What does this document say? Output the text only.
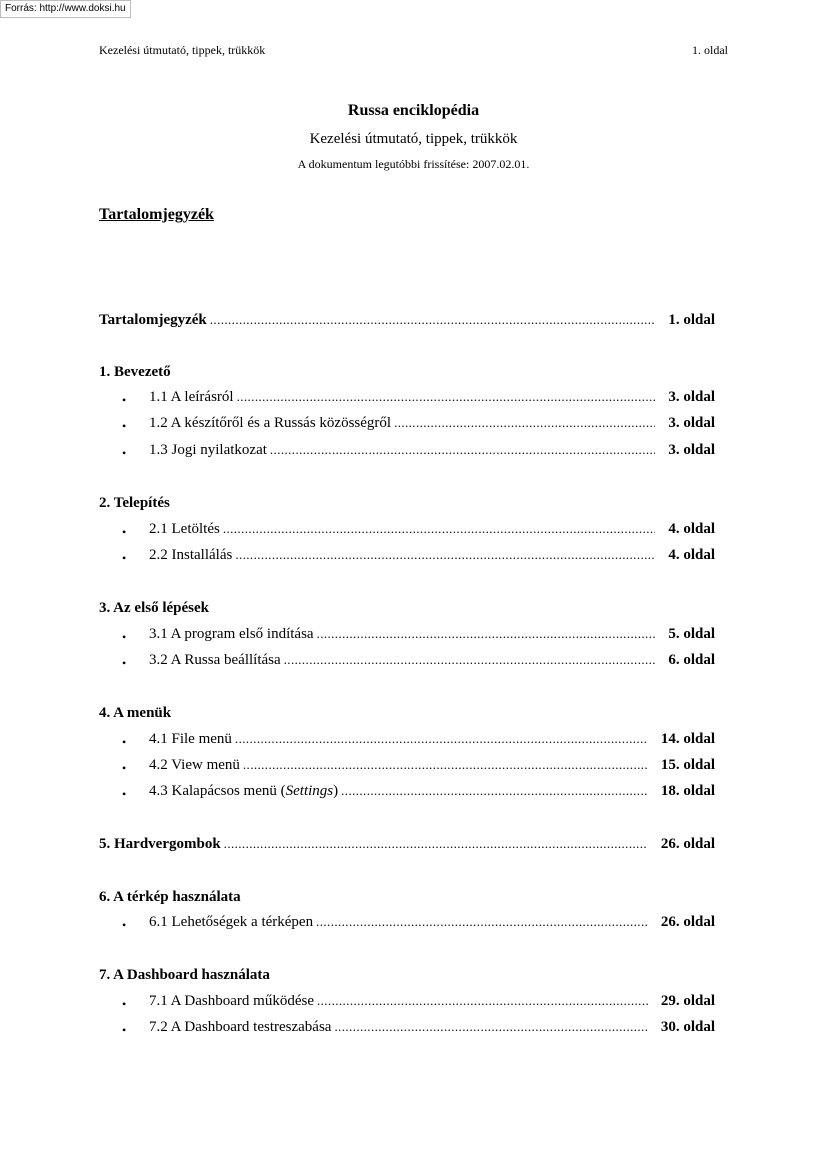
Forrás: http://www.doksi.hu
Kezelési útmutató, tippek, trükkök	1. oldal
Russa enciklopédia
Kezelési útmutató, tippek, trükkök
A dokumentum legutóbbi frissítése: 2007.02.01.
Tartalomjegyzék
Tartalomjegyzék .....	1. oldal
1. Bevezető
• 1.1 A leírásról .....	3. oldal
• 1.2 A készítőről és a Russás közösségről .....	3. oldal
• 1.3 Jogi nyilatkozat .....	3. oldal
2. Telepítés
• 2.1 Letöltés .....	4. oldal
• 2.2 Installálás .....	4. oldal
3. Az első lépések
• 3.1 A program első indítása .....	5. oldal
• 3.2 A Russa beállítása .....	6. oldal
4. A menük
• 4.1 File menü .....	14. oldal
• 4.2 View menü .....	15. oldal
• 4.3 Kalapácsos menü (Settings) .....	18. oldal
5. Hardvergombok .....	26. oldal
6. A térkép használata
• 6.1 Lehetőségek a térképen .....	26. oldal
7. A Dashboard használata
• 7.1 A Dashboard működése .....	29. oldal
• 7.2 A Dashboard testreszabása .....	30. oldal
